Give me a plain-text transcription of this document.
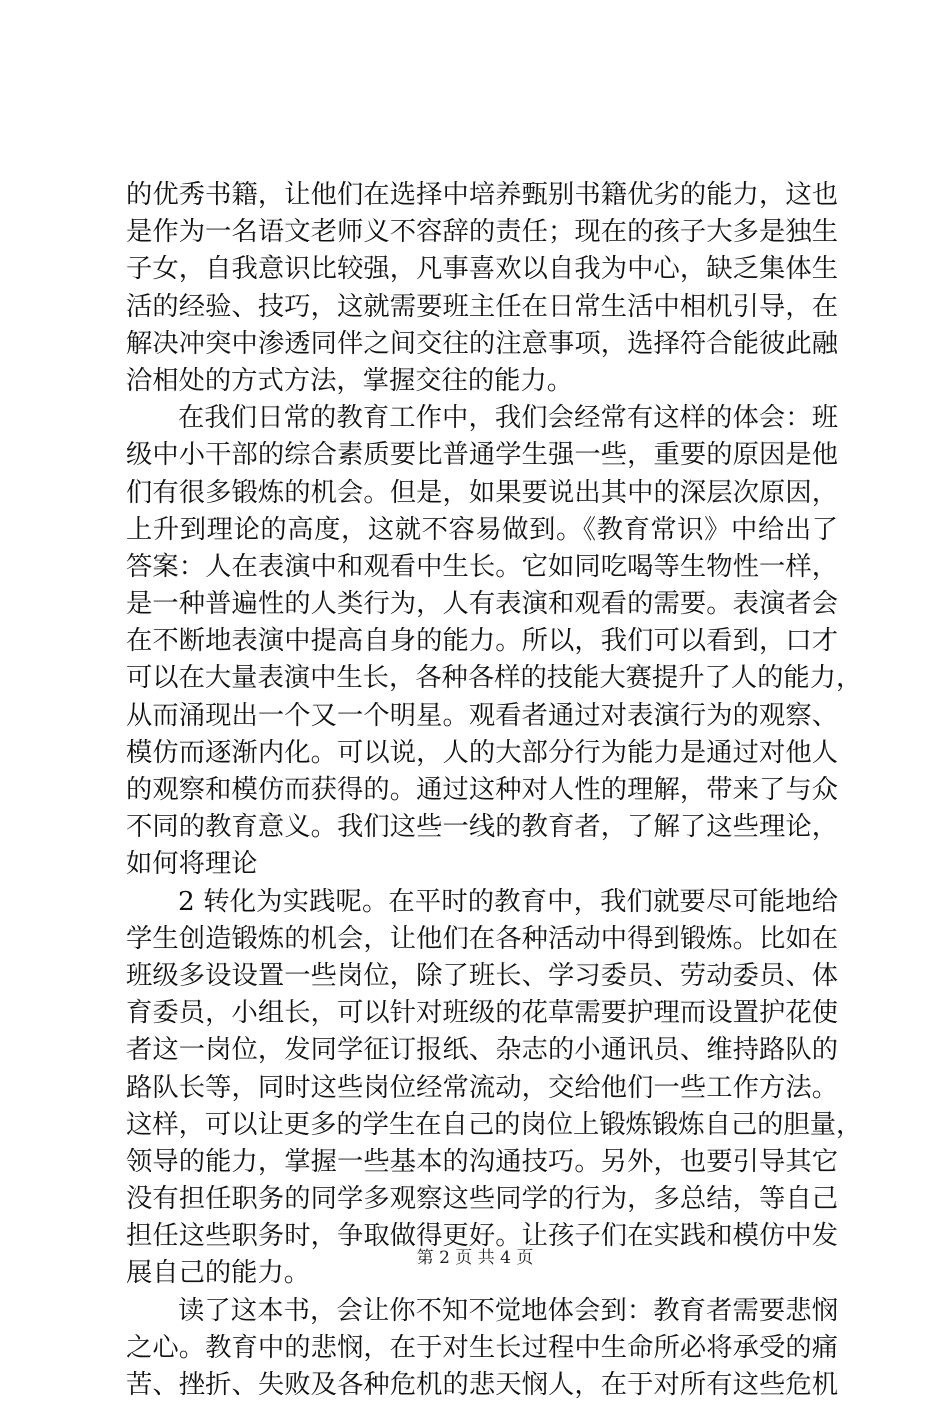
的优秀书籍，让他们在选择中培养甄别书籍优劣的能力，这也
是作为一名语文老师义不容辞的责任；现在的孩子大多是独生
子女，自我意识比较强，凡事喜欢以自我为中心，缺乏集体生
活的经验、技巧，这就需要班主任在日常生活中相机引导，在
解决冲突中渗透同伴之间交往的注意事项，选择符合能彼此融
洽相处的方式方法，掌握交往的能力。
在我们日常的教育工作中，我们会经常有这样的体会：班
级中小干部的综合素质要比普通学生强一些，重要的原因是他
们有很多锻炼的机会。但是，如果要说出其中的深层次原因，
上升到理论的高度，这就不容易做到。《教育常识》中给出了
答案：人在表演中和观看中生长。它如同吃喝等生物性一样，
是一种普遍性的人类行为，人有表演和观看的需要。表演者会
在不断地表演中提高自身的能力。所以，我们可以看到，口才
可以在大量表演中生长，各种各样的技能大赛提升了人的能力，
从而涌现出一个又一个明星。观看者通过对表演行为的观察、
模仿而逐渐内化。可以说，人的大部分行为能力是通过对他人
的观察和模仿而获得的。通过这种对人性的理解，带来了与众
不同的教育意义。我们这些一线的教育者，了解了这些理论，
如何将理论
2 转化为实践呢。在平时的教育中，我们就要尽可能地给
学生创造锻炼的机会，让他们在各种活动中得到锻炼。比如在
班级多设设置一些岗位，除了班长、学习委员、劳动委员、体
育委员，小组长，可以针对班级的花草需要护理而设置护花使
者这一岗位，发同学征订报纸、杂志的小通讯员、维持路队的
路队长等，同时这些岗位经常流动，交给他们一些工作方法。
这样，可以让更多的学生在自己的岗位上锻炼锻炼自己的胆量，
领导的能力，掌握一些基本的沟通技巧。另外，也要引导其它
没有担任职务的同学多观察这些同学的行为，多总结，等自己
担任这些职务时，争取做得更好。让孩子们在实践和模仿中发
展自己的能力。
读了这本书，会让你不知不觉地体会到：教育者需要悲悯
之心。教育中的悲悯，在于对生长过程中生命所必将承受的痛
苦、挫折、失败及各种危机的悲天悯人，在于对所有这些危机
第 2 页 共 4 页
